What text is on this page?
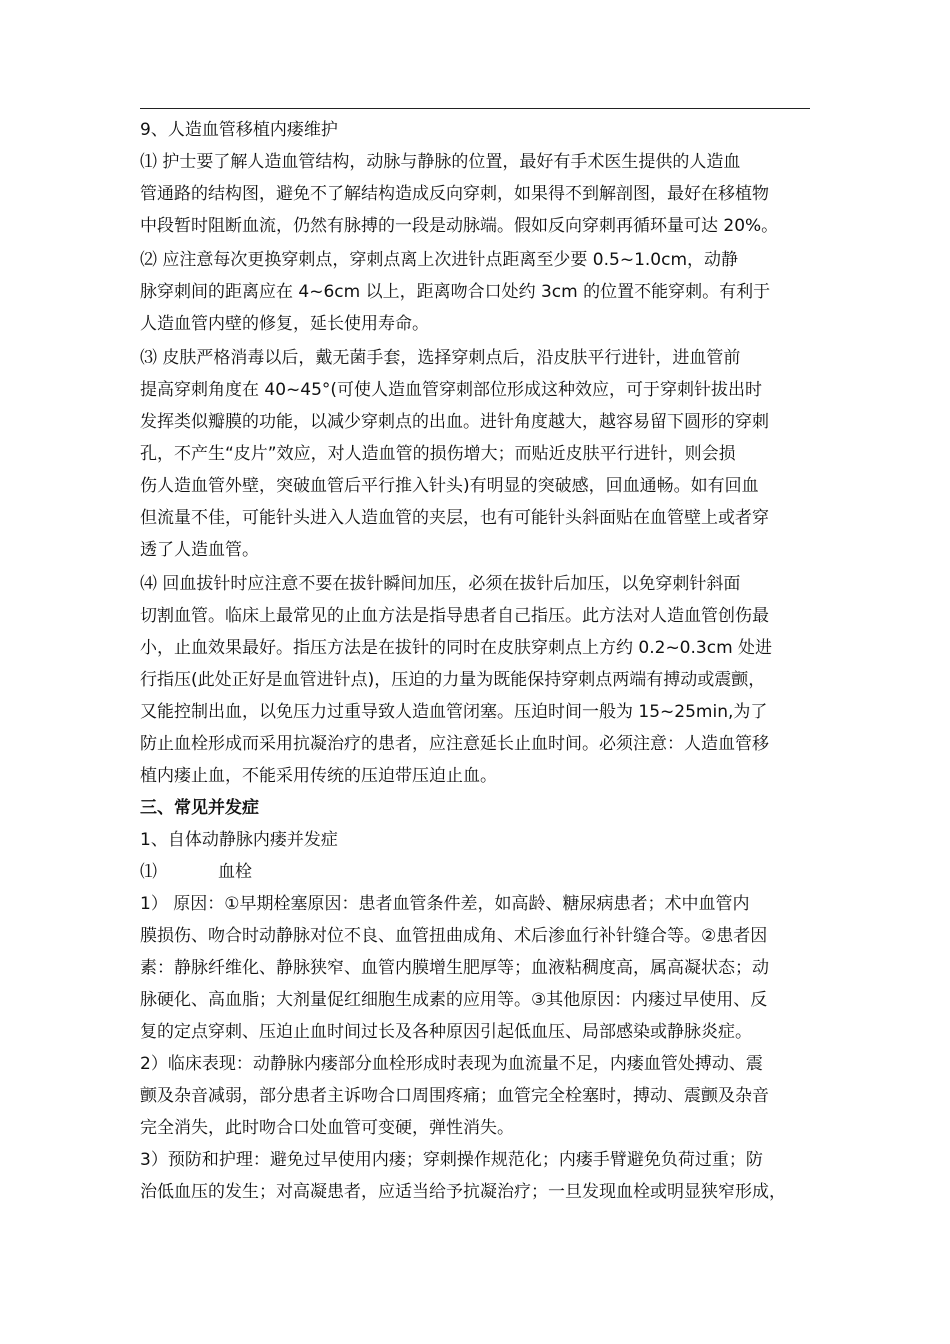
9、人造血管移植内瘘维护
⑴ 护士要了解人造血管结构，动脉与静脉的位置，最好有手术医生提供的人造血
管通路的结构图，避免不了解结构造成反向穿刺，如果得不到解剖图，最好在移植物
中段暂时阻断血流，仍然有脉搏的一段是动脉端。假如反向穿刺再循环量可达 20%。
⑵ 应注意每次更换穿刺点，穿刺点离上次进针点距离至少要 0.5~1.0cm，动静
脉穿刺间的距离应在 4~6cm 以上，距离吻合口处约 3cm 的位置不能穿刺。有利于
人造血管内壁的修复，延长使用寿命。
⑶ 皮肤严格消毒以后，戴无菌手套，选择穿刺点后，沿皮肤平行进针，进血管前
提高穿刺角度在 40~45°(可使人造血管穿刺部位形成这种效应，可于穿刺针拔出时
发挥类似瓣膜的功能，以减少穿刺点的出血。进针角度越大，越容易留下圆形的穿刺
孔，不产生“皮片”效应，对人造血管的损伤增大；而贴近皮肤平行进针，则会损
伤人造血管外壁，突破血管后平行推入针头)有明显的突破感，回血通畅。如有回血
但流量不佳，可能针头进入人造血管的夹层，也有可能针头斜面贴在血管壁上或者穿
透了人造血管。
⑷ 回血拔针时应注意不要在拔针瞬间加压，必须在拔针后加压，以免穿刺针斜面
切割血管。临床上最常见的止血方法是指导患者自己指压。此方法对人造血管创伤最
小，止血效果最好。指压方法是在拔针的同时在皮肤穿刺点上方约 0.2~0.3cm 处进
行指压(此处正好是血管进针点)，压迫的力量为既能保持穿刺点两端有搏动或震颤，
又能控制出血，以免压力过重导致人造血管闭塞。压迫时间一般为 15~25min,为了
防止血栓形成而采用抗凝治疗的患者，应注意延长止血时间。必须注意：人造血管移
植内瘘止血，不能采用传统的压迫带压迫止血。
三、常见并发症
1、自体动静脉内瘘并发症
⑴	血栓
1） 原因：①早期栓塞原因：患者血管条件差，如高龄、糖尿病患者；术中血管内
膜损伤、吻合时动静脉对位不良、血管扭曲成角、术后渗血行补针缝合等。②患者因
素：静脉纤维化、静脉狭窄、血管内膜增生肥厚等；血液粘稠度高，属高凝状态；动
脉硬化、高血脂；大剂量促红细胞生成素的应用等。③其他原因：内瘘过早使用、反
复的定点穿刺、压迫止血时间过长及各种原因引起低血压、局部感染或静脉炎症。
2）临床表现：动静脉内瘘部分血栓形成时表现为血流量不足，内瘘血管处搏动、震
颤及杂音减弱，部分患者主诉吻合口周围疼痛；血管完全栓塞时，搏动、震颤及杂音
完全消失，此时吻合口处血管可变硬，弹性消失。
3）预防和护理：避免过早使用内瘘；穿刺操作规范化；内瘘手臂避免负荷过重；防
治低血压的发生；对高凝患者，应适当给予抗凝治疗；一旦发现血栓或明显狭窄形成，
